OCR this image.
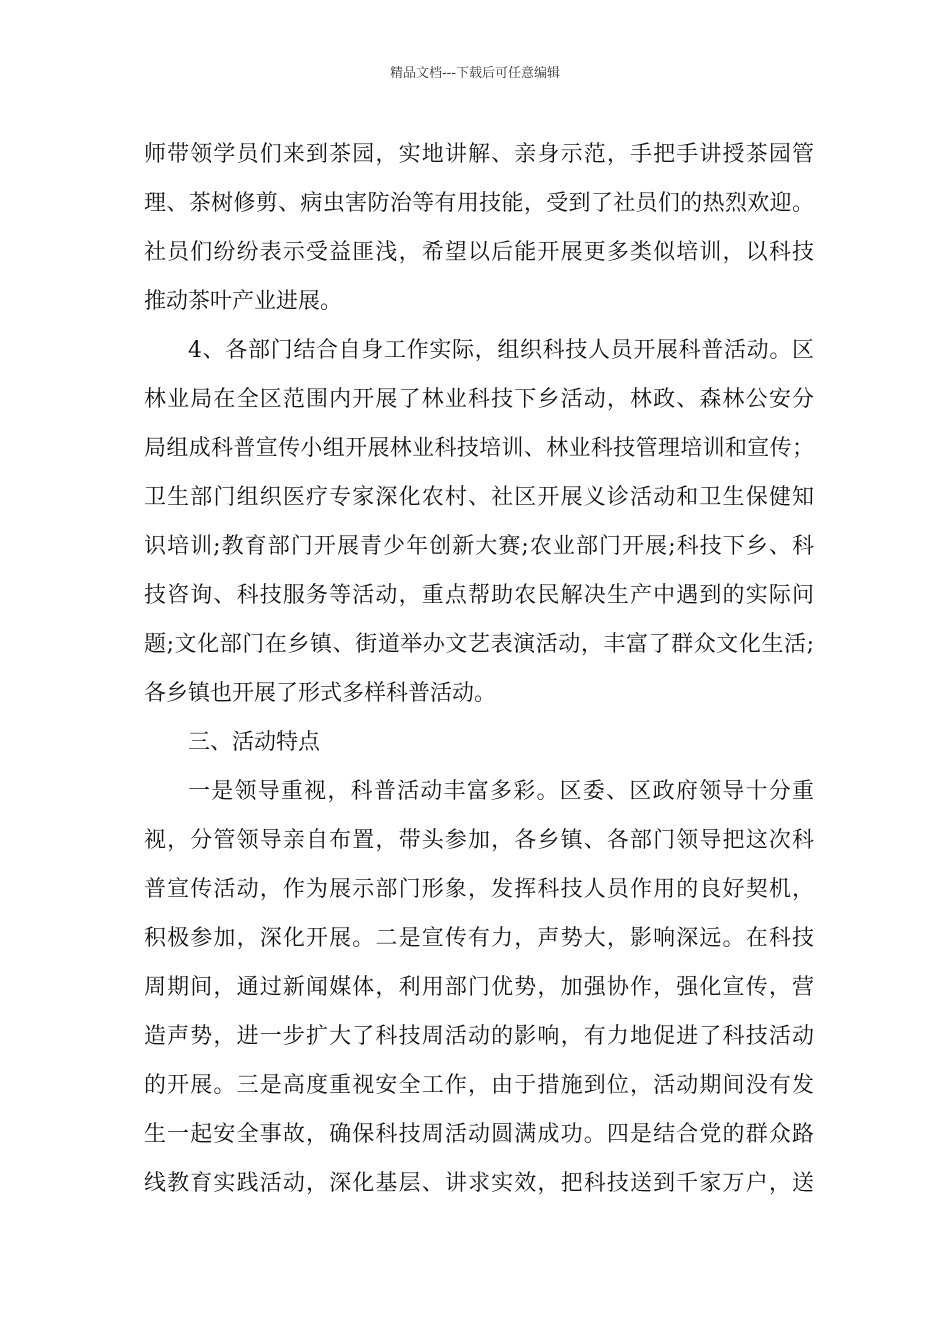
精品文档---下载后可任意编辑
师带领学员们来到茶园，实地讲解、亲身示范，手把手讲授茶园管
理、茶树修剪、病虫害防治等有用技能，受到了社员们的热烈欢迎。
社员们纷纷表示受益匪浅，希望以后能开展更多类似培训，以科技
推动茶叶产业进展。
4、各部门结合自身工作实际，组织科技人员开展科普活动。区
林业局在全区范围内开展了林业科技下乡活动，林政、森林公安分
局组成科普宣传小组开展林业科技培训、林业科技管理培训和宣传；
卫生部门组织医疗专家深化农村、社区开展义诊活动和卫生保健知
识培训;教育部门开展青少年创新大赛;农业部门开展;科技下乡、科
技咨询、科技服务等活动，重点帮助农民解决生产中遇到的实际问
题;文化部门在乡镇、街道举办文艺表演活动，丰富了群众文化生活;
各乡镇也开展了形式多样科普活动。
三、活动特点
一是领导重视，科普活动丰富多彩。区委、区政府领导十分重
视，分管领导亲自布置，带头参加，各乡镇、各部门领导把这次科
普宣传活动，作为展示部门形象，发挥科技人员作用的良好契机，
积极参加，深化开展。二是宣传有力，声势大，影响深远。在科技
周期间，通过新闻媒体，利用部门优势，加强协作，强化宣传，营
造声势，进一步扩大了科技周活动的影响，有力地促进了科技活动
的开展。三是高度重视安全工作，由于措施到位，活动期间没有发
生一起安全事故，确保科技周活动圆满成功。四是结合党的群众路
线教育实践活动，深化基层、讲求实效，把科技送到千家万户，送
